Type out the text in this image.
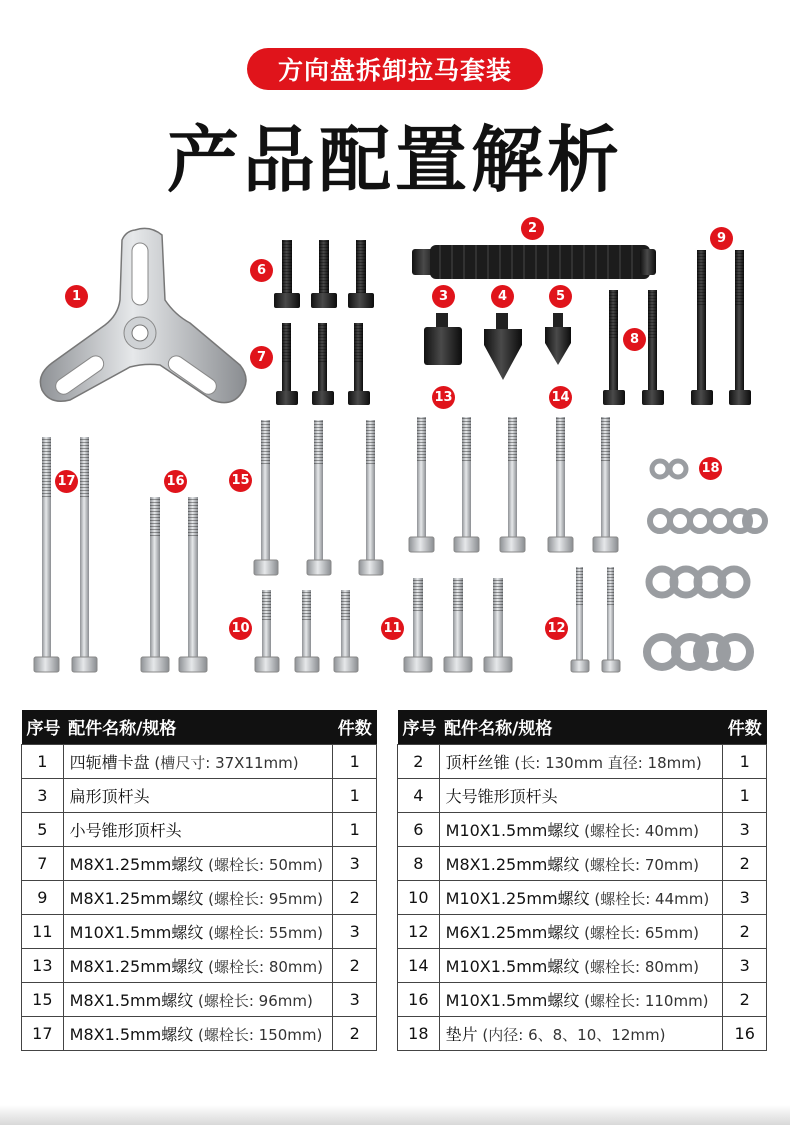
方向盘拆卸拉马套装
产品配置解析
1
2
3	4	5
6
7
8
9
10	11	12
13	14
15
16
17
18
序号	配件名称/规格	件数
1	四轭槽卡盘 (槽尺寸: 37X11mm)	1
3	扁形顶杆头	1
5	小号锥形顶杆头	1
7	M8X1.25mm螺纹 (螺栓长: 50mm)	3
9	M8X1.25mm螺纹 (螺栓长: 95mm)	2
11	M10X1.5mm螺纹 (螺栓长: 55mm)	3
13	M8X1.25mm螺纹 (螺栓长: 80mm)	2
15	M8X1.5mm螺纹 (螺栓长: 96mm)	3
17	M8X1.5mm螺纹 (螺栓长: 150mm)	2
序号	配件名称/规格	件数
2	顶杆丝锥 (长: 130mm 直径: 18mm)	1
4	大号锥形顶杆头	1
6	M10X1.5mm螺纹 (螺栓长: 40mm)	3
8	M8X1.25mm螺纹 (螺栓长: 70mm)	2
10	M10X1.25mm螺纹 (螺栓长: 44mm)	3
12	M6X1.25mm螺纹 (螺栓长: 65mm)	2
14	M10X1.5mm螺纹 (螺栓长: 80mm)	3
16	M10X1.5mm螺纹 (螺栓长: 110mm)	2
18	垫片 (内径: 6、8、10、12mm)	16
